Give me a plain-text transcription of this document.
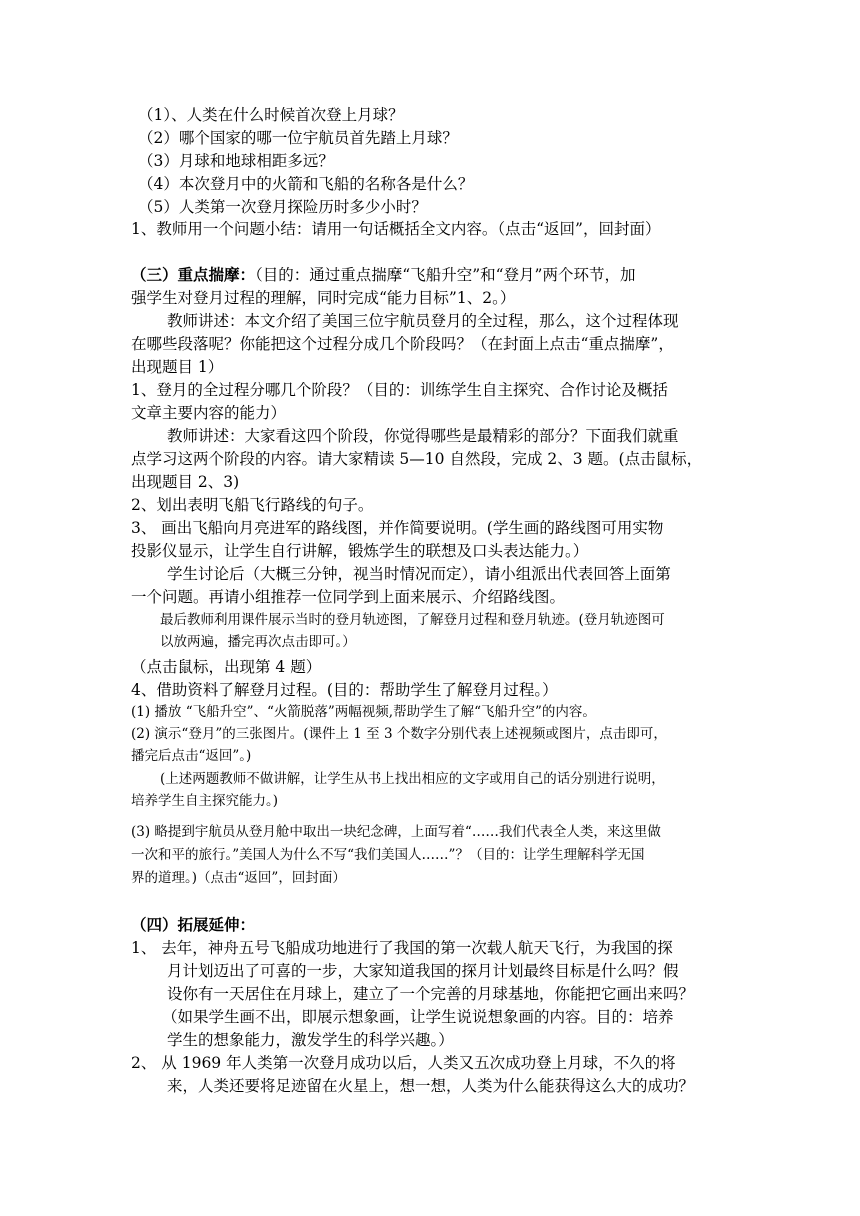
（1）、人类在什么时候首次登上月球？
（2）哪个国家的哪一位宇航员首先踏上月球？
（3）月球和地球相距多远？
（4）本次登月中的火箭和飞船的名称各是什么？
（5）人类第一次登月探险历时多少小时？
1、教师用一个问题小结：请用一句话概括全文内容。（点击“返回”，回封面）
（三）重点揣摩：（目的：通过重点揣摩“飞船升空”和“登月”两个环节，加
强学生对登月过程的理解，同时完成“能力目标”1、2。）
教师讲述：本文介绍了美国三位宇航员登月的全过程，那么，这个过程体现
在哪些段落呢？你能把这个过程分成几个阶段吗？（在封面上点击“重点揣摩”，
出现题目 1）
1、登月的全过程分哪几个阶段？（目的：训练学生自主探究、合作讨论及概括
文章主要内容的能力）
教师讲述：大家看这四个阶段，你觉得哪些是最精彩的部分？下面我们就重
点学习这两个阶段的内容。请大家精读 5—10 自然段，完成 2、3 题。(点击鼠标，
出现题目 2、3)
2、划出表明飞船飞行路线的句子。
3、 画出飞船向月亮进军的路线图，并作简要说明。(学生画的路线图可用实物
投影仪显示，让学生自行讲解，锻炼学生的联想及口头表达能力。）
学生讨论后（大概三分钟，视当时情况而定），请小组派出代表回答上面第
一个问题。再请小组推荐一位同学到上面来展示、介绍路线图。
最后教师利用课件展示当时的登月轨迹图，了解登月过程和登月轨迹。(登月轨迹图可
以放两遍，播完再次点击即可。）
（点击鼠标，出现第 4 题）
4、借助资料了解登月过程。(目的：帮助学生了解登月过程。）
(1) 播放 “飞船升空”、“火箭脱落”两幅视频,帮助学生了解“飞船升空”的内容。
(2) 演示“登月”的三张图片。(课件上 1 至 3 个数字分别代表上述视频或图片，点击即可，
播完后点击“返回”。)
(上述两题教师不做讲解，让学生从书上找出相应的文字或用自己的话分别进行说明，
培养学生自主探究能力。)
(3) 略提到宇航员从登月舱中取出一块纪念碑，上面写着“……我们代表全人类，来这里做
一次和平的旅行。”美国人为什么不写“我们美国人……”？（目的：让学生理解科学无国
界的道理。)（点击“返回”，回封面）
（四）拓展延伸：
1、 去年，神舟五号飞船成功地进行了我国的第一次载人航天飞行，为我国的探
月计划迈出了可喜的一步，大家知道我国的探月计划最终目标是什么吗？假
设你有一天居住在月球上，建立了一个完善的月球基地，你能把它画出来吗？
（如果学生画不出，即展示想象画，让学生说说想象画的内容。目的：培养
学生的想象能力，激发学生的科学兴趣。）
2、 从 1969 年人类第一次登月成功以后，人类又五次成功登上月球，不久的将
来，人类还要将足迹留在火星上，想一想，人类为什么能获得这么大的成功？
